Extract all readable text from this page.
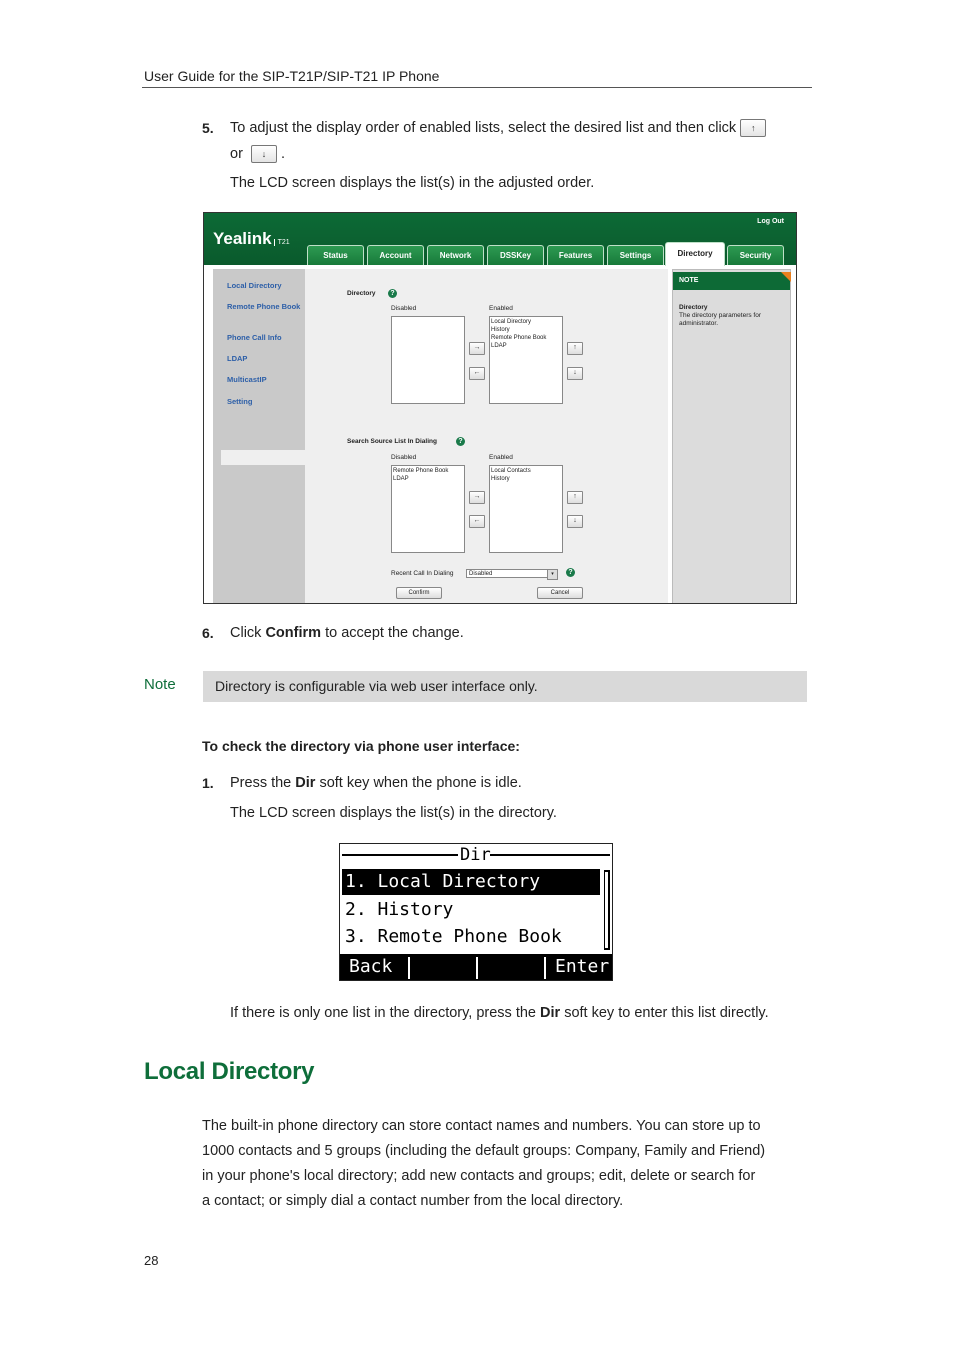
User Guide for the SIP-T21P/SIP-T21 IP Phone
5. To adjust the display order of enabled lists, select the desired list and then click ↑
or ↓ .
The LCD screen displays the list(s) in the adjusted order.
Yealink T21
Log Out
Status	Account	Network	DSSKey	Features	Settings	Directory	Security
Local Directory
Remote Phone Book
Phone Call Info
LDAP
MulticastIP
Setting
Directory	?
Disabled	Enabled
Local Directory
History
Remote Phone Book
LDAP
→
←
↑
↓
Search Source List In Dialing	?
Disabled	Enabled
Remote Phone Book
LDAP
Local Contacts
History
→
←
↑
↓
Recent Call In Dialing	Disabled	▾	?
Confirm	Cancel
NOTE
Directory
The directory parameters for administrator.
6. Click Confirm to accept the change.
Note	Directory is configurable via web user interface only.
To check the directory via phone user interface:
1. Press the Dir soft key when the phone is idle.
The LCD screen displays the list(s) in the directory.
Dir
1. Local Directory
2. History
3. Remote Phone Book
Back	Enter
If there is only one list in the directory, press the Dir soft key to enter this list directly.
Local Directory
The built-in phone directory can store contact names and numbers. You can store up to
1000 contacts and 5 groups (including the default groups: Company, Family and Friend)
in your phone's local directory; add new contacts and groups; edit, delete or search for
a contact; or simply dial a contact number from the local directory.
28
